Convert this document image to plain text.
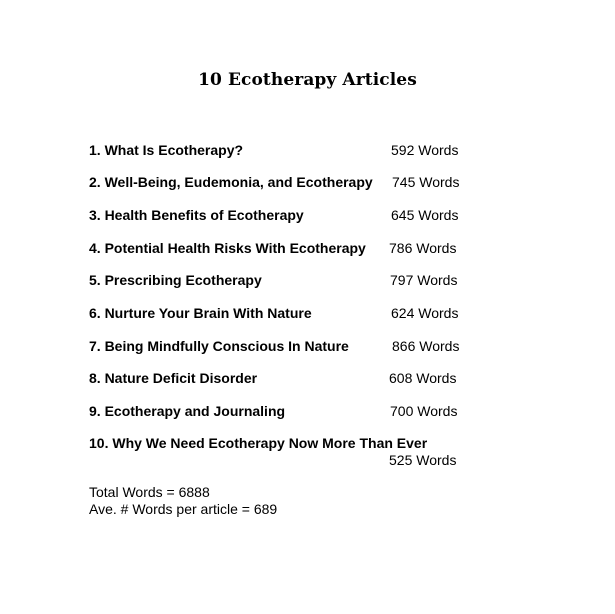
10 Ecotherapy Articles
1. What Is Ecotherapy?	592 Words
2. Well-Being, Eudemonia, and Ecotherapy 745 Words
3. Health Benefits of Ecotherapy	645 Words
4. Potential Health Risks With Ecotherapy 786 Words
5. Prescribing Ecotherapy	797 Words
6. Nurture Your Brain With Nature	624 Words
7. Being Mindfully Conscious In Nature	866 Words
8. Nature Deficit Disorder	608 Words
9. Ecotherapy and Journaling	700 Words
10. Why We Need Ecotherapy Now More Than Ever
525 Words
Total Words = 6888
Ave. # Words per article = 689
